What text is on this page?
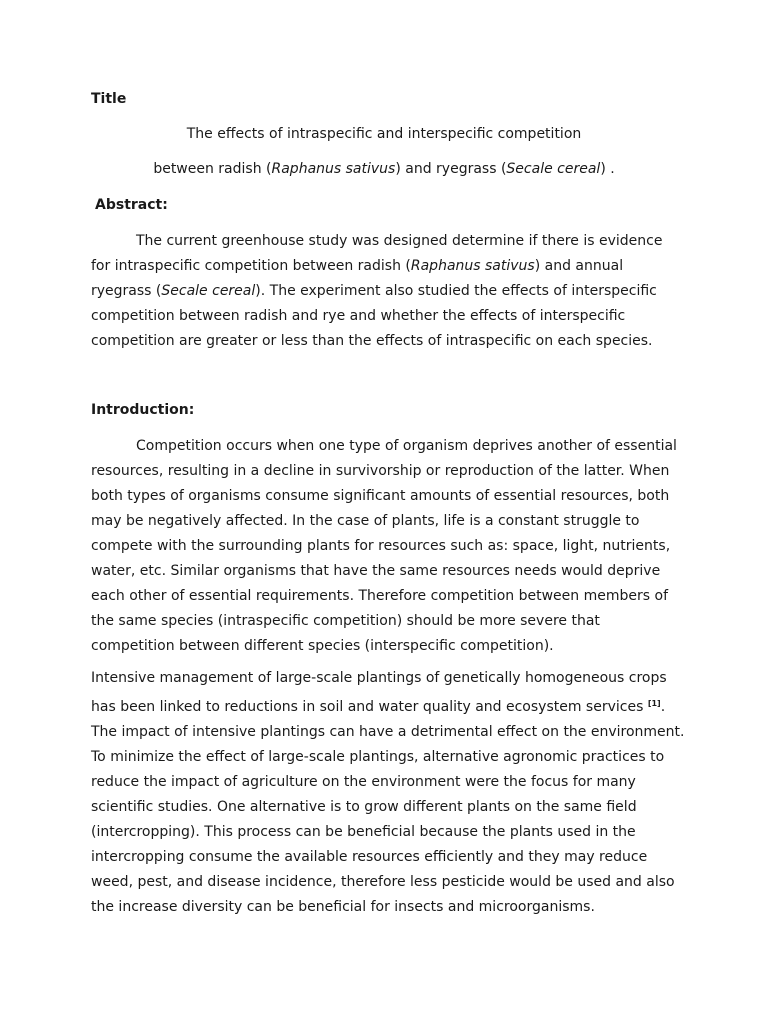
Title
The effects of intraspecific and interspecific competition
between radish (Raphanus sativus) and ryegrass (Secale cereal) .
Abstract:
The current greenhouse study was designed determine if there is evidence
for intraspecific competition between radish (Raphanus sativus) and annual
ryegrass (Secale cereal). The experiment also studied the effects of interspecific
competition between radish and rye and whether the effects of interspecific
competition are greater or less than the effects of intraspecific on each species.
Introduction:
Competition occurs when one type of organism deprives another of essential
resources, resulting in a decline in survivorship or reproduction of the latter. When
both types of organisms consume significant amounts of essential resources, both
may be negatively affected. In the case of plants, life is a constant struggle to
compete with the surrounding plants for resources such as: space, light, nutrients,
water, etc. Similar organisms that have the same resources needs would deprive
each other of essential requirements. Therefore competition between members of
the same species (intraspecific competition) should be more severe that
competition between different species (interspecific competition).
Intensive management of large-scale plantings of genetically homogeneous crops
has been linked to reductions in soil and water quality and ecosystem services [1].
The impact of intensive plantings can have a detrimental effect on the environment.
To minimize the effect of large-scale plantings, alternative agronomic practices to
reduce the impact of agriculture on the environment were the focus for many
scientific studies. One alternative is to grow different plants on the same field
(intercropping). This process can be beneficial because the plants used in the
intercropping consume the available resources efficiently and they may reduce
weed, pest, and disease incidence, therefore less pesticide would be used and also
the increase diversity can be beneficial for insects and microorganisms.
